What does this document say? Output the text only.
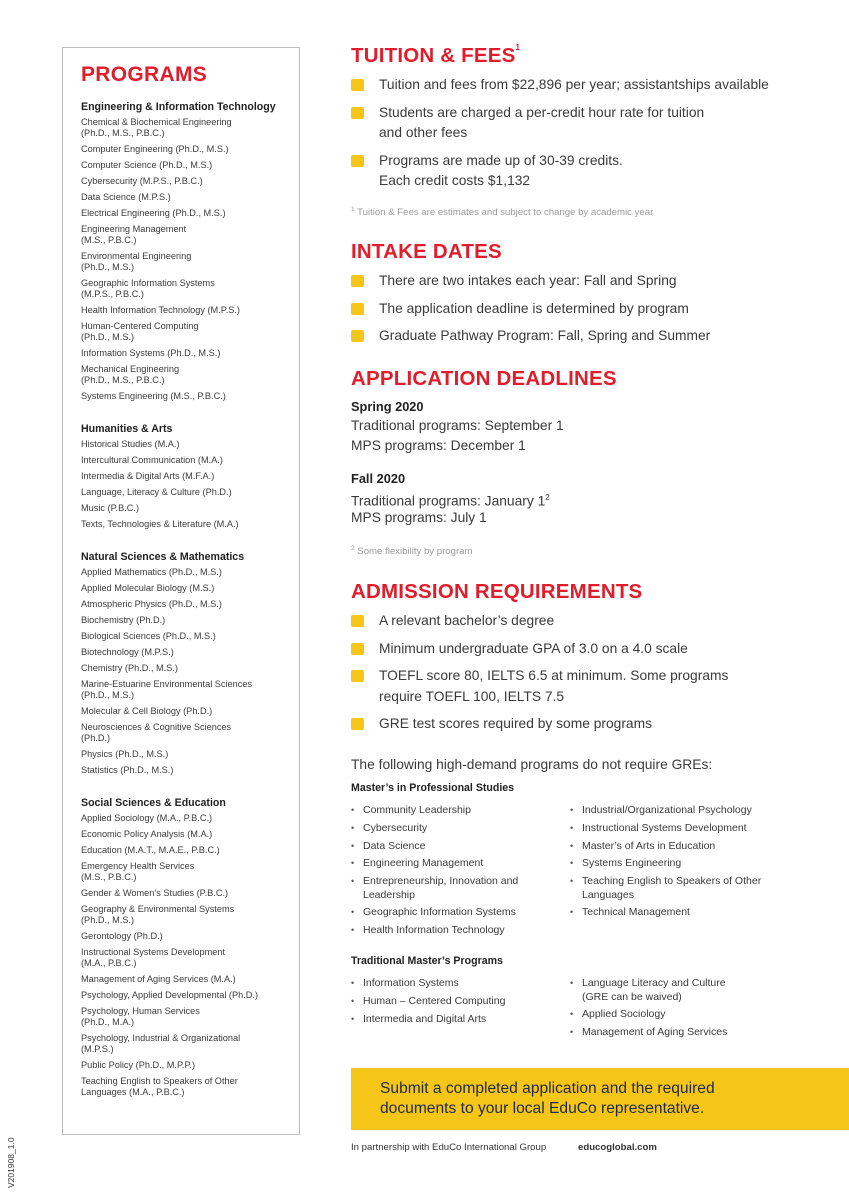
PROGRAMS
Engineering & Information Technology
Chemical & Biochemical Engineering
(Ph.D., M.S., P.B.C.)
Computer Engineering (Ph.D., M.S.)
Computer Science (Ph.D., M.S.)
Cybersecurity (M.P.S., P.B.C.)
Data Science (M.P.S.)
Electrical Engineering (Ph.D., M.S.)
Engineering Management
(M.S., P.B.C.)
Environmental Engineering
(Ph.D., M.S.)
Geographic Information Systems
(M.P.S., P.B.C.)
Health Information Technology (M.P.S.)
Human-Centered Computing
(Ph.D., M.S.)
Information Systems (Ph.D., M.S.)
Mechanical Engineering
(Ph.D., M.S., P.B.C.)
Systems Engineering (M.S., P.B.C.)
Humanities & Arts
Historical Studies (M.A.)
Intercultural Communication (M.A.)
Intermedia & Digital Arts (M.F.A.)
Language, Literacy & Culture (Ph.D.)
Music (P.B.C.)
Texts, Technologies & Literature (M.A.)
Natural Sciences & Mathematics
Applied Mathematics (Ph.D., M.S.)
Applied Molecular Biology (M.S.)
Atmospheric Physics (Ph.D., M.S.)
Biochemistry (Ph.D.)
Biological Sciences (Ph.D., M.S.)
Biotechnology (M.P.S.)
Chemistry (Ph.D., M.S.)
Marine-Estuarine Environmental Sciences
(Ph.D., M.S.)
Molecular & Cell Biology (Ph.D.)
Neurosciences & Cognitive Sciences
(Ph.D.)
Physics (Ph.D., M.S.)
Statistics (Ph.D., M.S.)
Social Sciences & Education
Applied Sociology (M.A., P.B.C.)
Economic Policy Analysis (M.A.)
Education (M.A.T., M.A.E., P.B.C.)
Emergency Health Services
(M.S., P.B.C.)
Gender & Women’s Studies (P.B.C.)
Geography & Environmental Systems
(Ph.D., M.S.)
Gerontology (Ph.D.)
Instructional Systems Development
(M.A., P.B.C.)
Management of Aging Services (M.A.)
Psychology, Applied Developmental (Ph.D.)
Psychology, Human Services
(Ph.D., M.A.)
Psychology, Industrial & Organizational
(M.P.S.)
Public Policy (Ph.D., M.P.P.)
Teaching English to Speakers of Other
Languages (M.A., P.B.C.)
TUITION & FEES$^1$
Tuition and fees from $22,896 per year; assistantships available
Students are charged a per-credit hour rate for tuition
and other fees
Programs are made up of 30-39 credits.
Each credit costs $1,132
$^1$ Tuition & Fees are estimates and subject to change by academic year
INTAKE DATES
There are two intakes each year: Fall and Spring
The application deadline is determined by program
Graduate Pathway Program: Fall, Spring and Summer
APPLICATION DEADLINES
Spring 2020
Traditional programs: September 1
MPS programs: December 1
Fall 2020
Traditional programs: January $1^2$
MPS programs: July 1
$^2$ Some flexibility by program
ADMISSION REQUIREMENTS
A relevant bachelor’s degree
Minimum undergraduate GPA of 3.0 on a 4.0 scale
TOEFL score 80, IELTS 6.5 at minimum. Some programs
require TOEFL 100, IELTS 7.5
GRE test scores required by some programs
The following high-demand programs do not require GREs:
Master’s in Professional Studies
• Community Leadership
• Cybersecurity
• Data Science
• Engineering Management
• Entrepreneurship, Innovation and
Leadership
• Geographic Information Systems
• Health Information Technology
• Industrial/Organizational Psychology
• Instructional Systems Development
• Master’s of Arts in Education
• Systems Engineering
• Teaching English to Speakers of Other
Languages
• Technical Management
Traditional Master’s Programs
• Information Systems
• Human – Centered Computing
• Intermedia and Digital Arts
• Language Literacy and Culture
(GRE can be waived)
• Applied Sociology
• Management of Aging Services
Submit a completed application and the required
documents to your local EduCo representative.
In partnership with EduCo International Group	educoglobal.com
V201908_1.0
